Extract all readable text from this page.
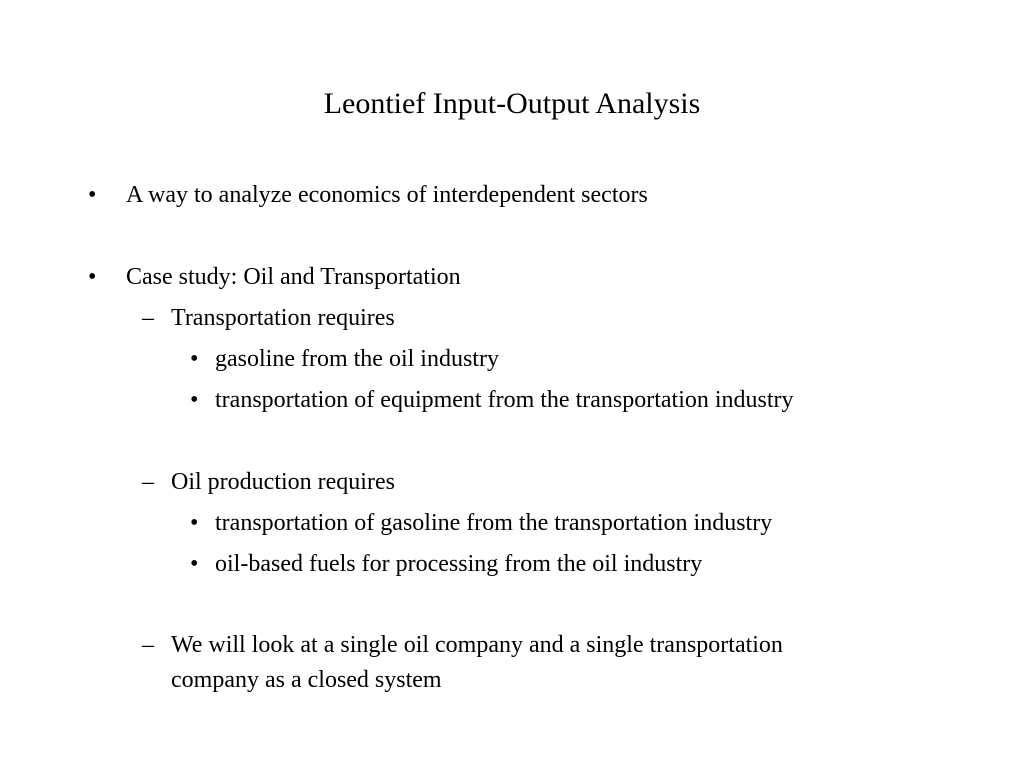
Leontief Input-Output Analysis
• A way to analyze economics of interdependent sectors
• Case study: Oil and Transportation
– Transportation requires
• gasoline from the oil industry
• transportation of equipment from the transportation industry
– Oil production requires
• transportation of gasoline from the transportation industry
• oil-based fuels for processing from the oil industry
– We will look at a single oil company and a single transportation
company as a closed system
